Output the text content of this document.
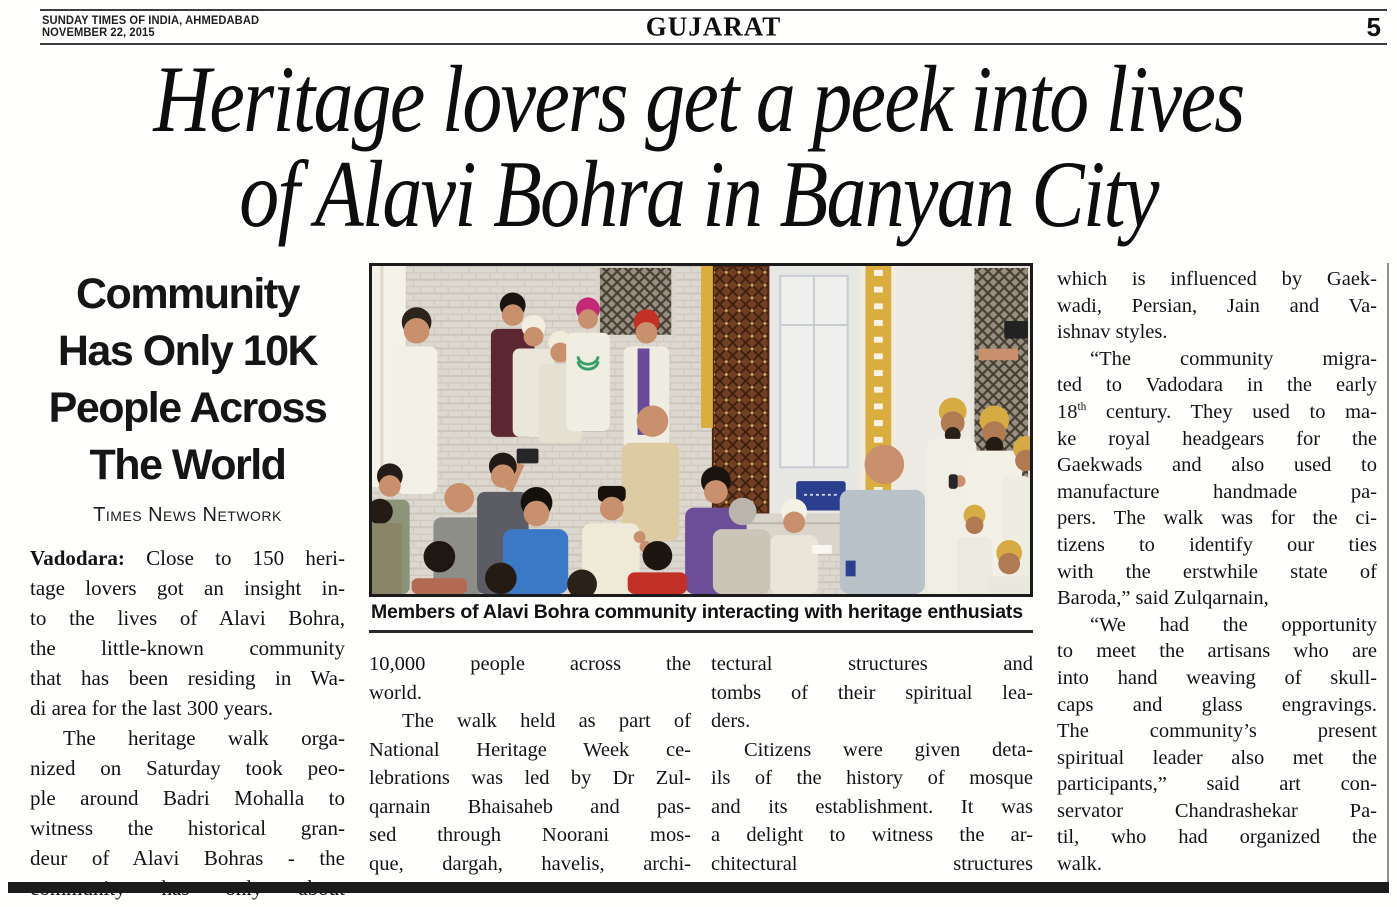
SUNDAY TIMES OF INDIA, AHMEDABAD
NOVEMBER 22, 2015	GUJARAT	5
Heritage lovers get a peek into lives
of Alavi Bohra in Banyan City
Community
Has Only 10K
People Across
The World
Times News Network
Vadodara: Close to 150 heri-
tage lovers got an insight in-
to the lives of Alavi Bohra,
the little-known community
that has been residing in Wa-
di area for the last 300 years.
The heritage walk orga-
nized on Saturday took peo-
ple around Badri Mohalla to
witness the historical gran-
deur of Alavi Bohras - the
Members of Alavi Bohra community interacting with heritage enthusiats
10,000 people across the
world.
The walk held as part of
National Heritage Week ce-
lebrations was led by Dr Zul-
qarnain Bhaisaheb and pas-
sed through Noorani mos-
que, dargah, havelis, archi-
tectural structures and
tombs of their spiritual lea-
ders.
Citizens were given deta-
ils of the history of mosque
and its establishment. It was
a delight to witness the ar-
chitectural structures
which is influenced by Gaek-
wadi, Persian, Jain and Va-
ishnav styles.
“The community migra-
ted to Vadodara in the early
18th century. They used to ma-
ke royal headgears for the
Gaekwads and also used to
manufacture handmade pa-
pers. The walk was for the ci-
tizens to identify our ties
with the erstwhile state of
Baroda,” said Zulqarnain,
“We had the opportunity
to meet the artisans who are
into hand weaving of skull-
caps and glass engravings.
The community’s present
spiritual leader also met the
participants,” said art con-
servator Chandrashekar Pa-
til, who had organized the
walk.
